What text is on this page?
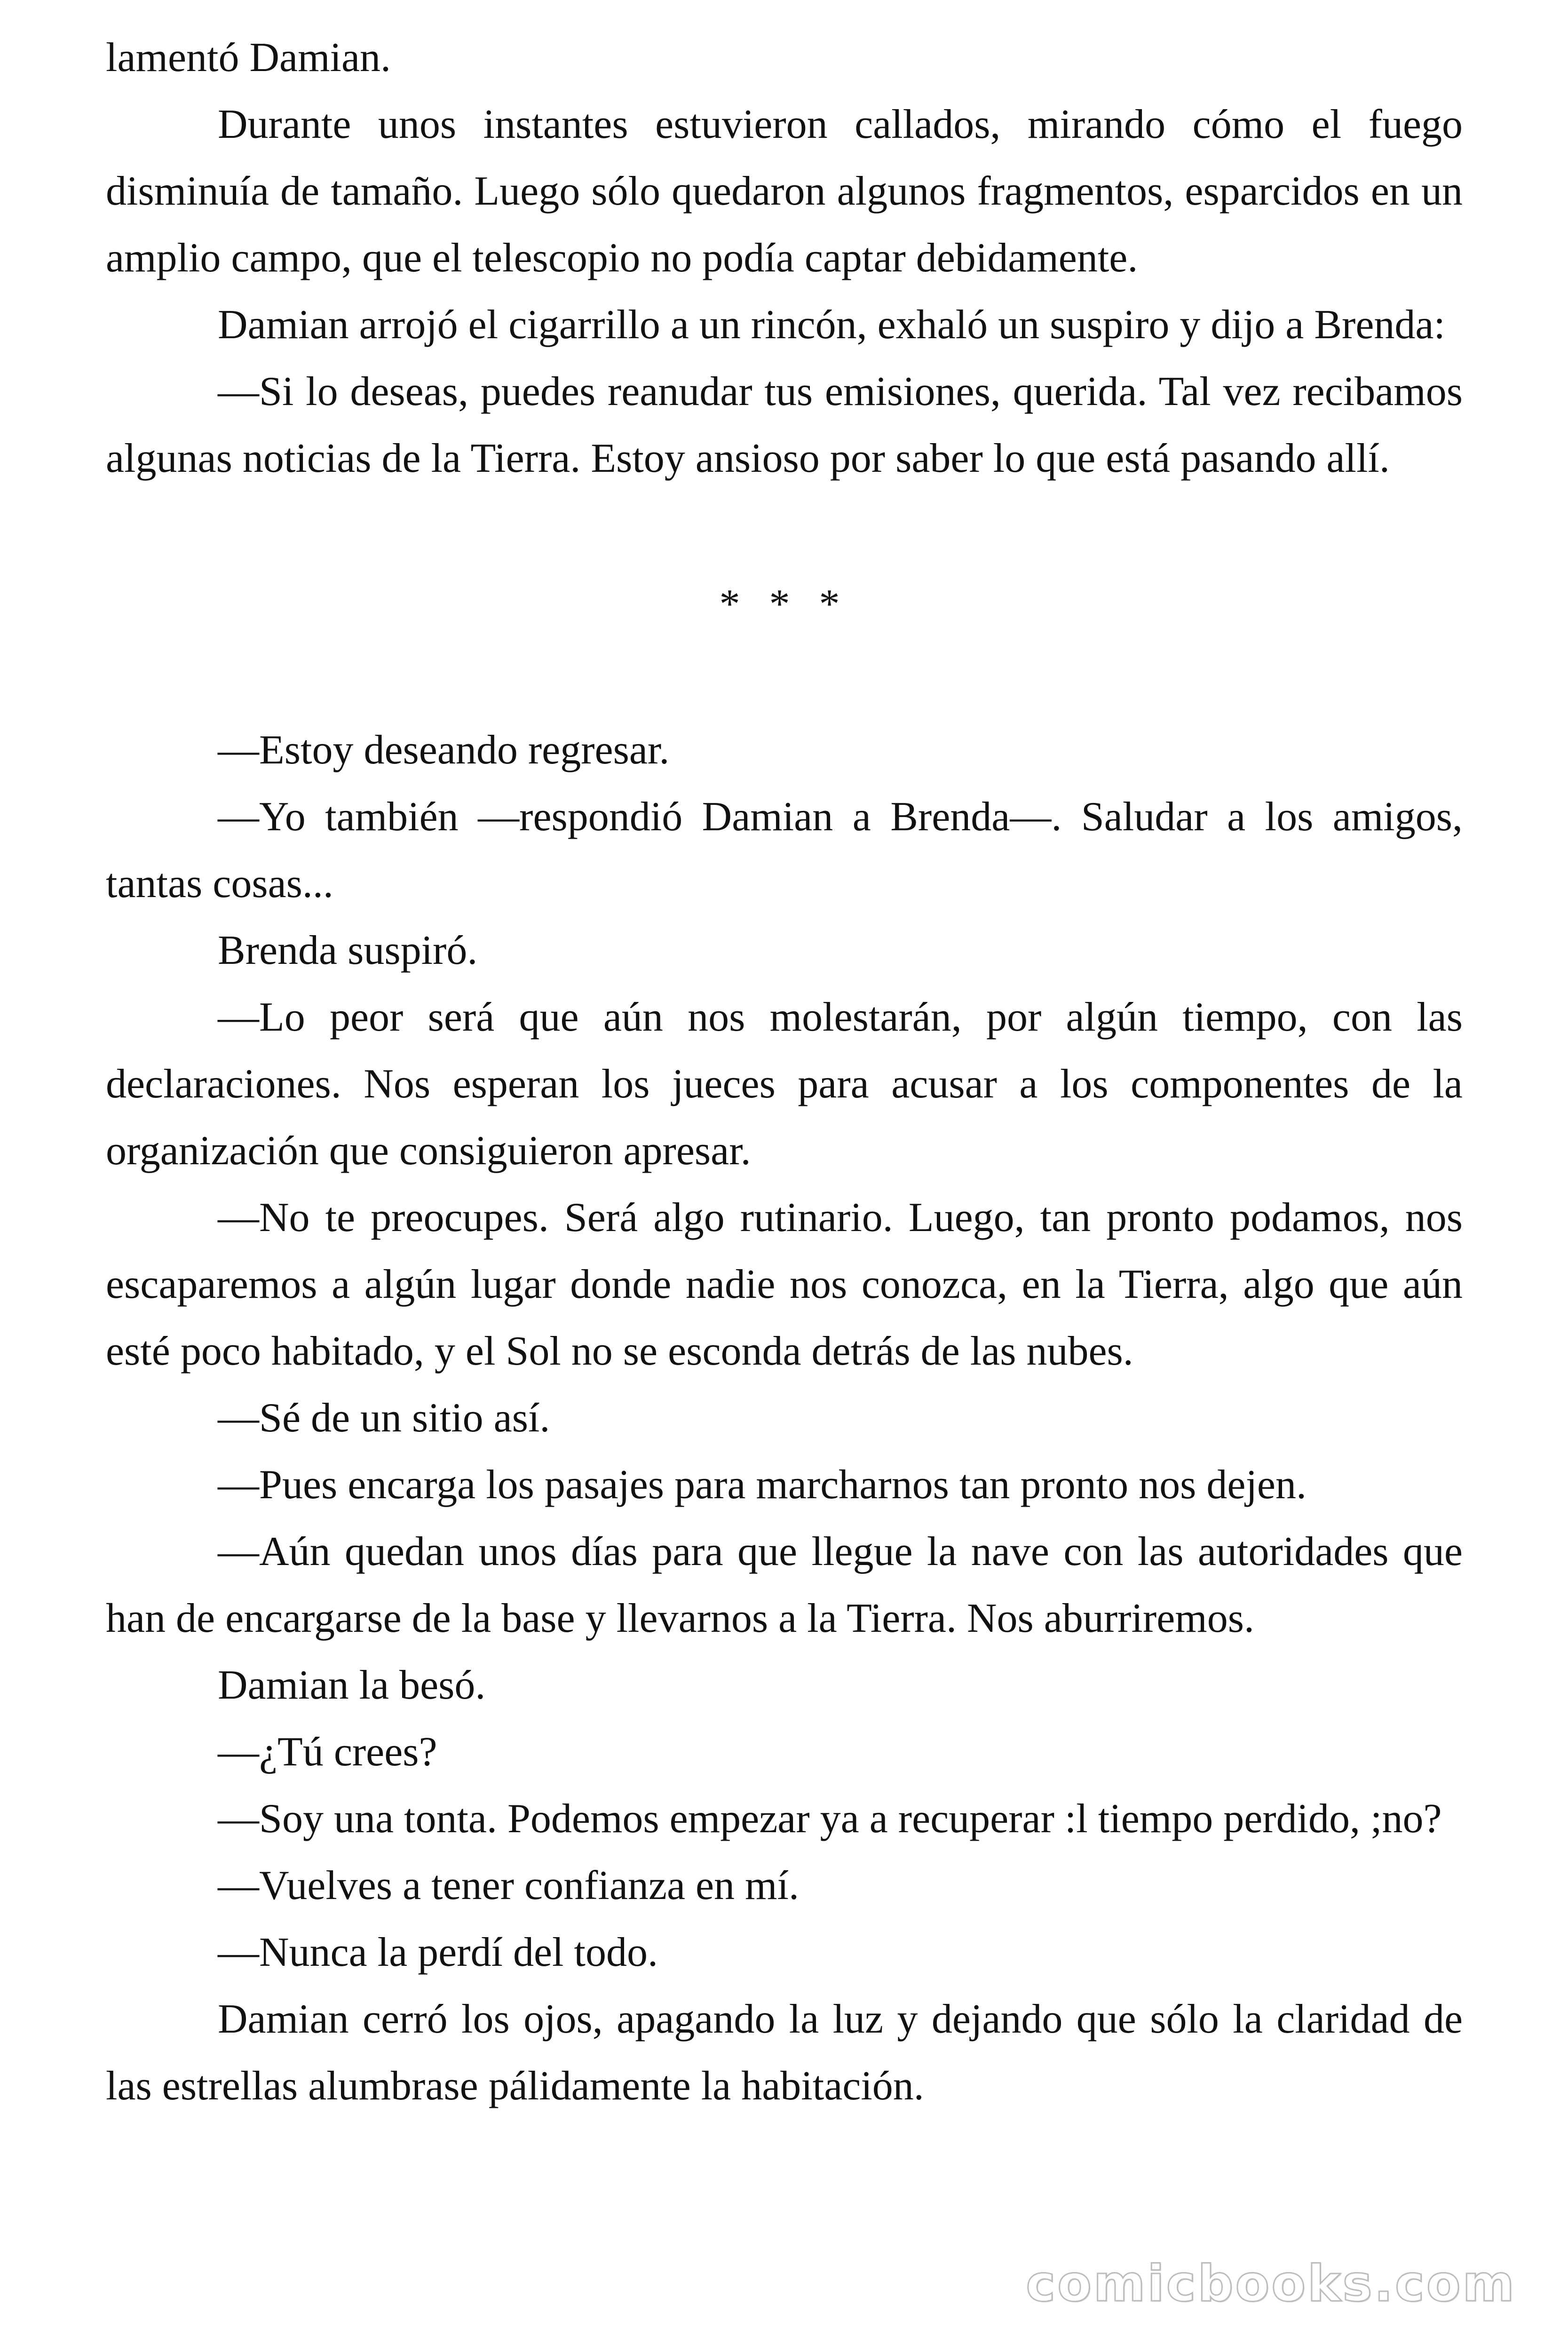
lamentó Damian.

Durante unos instantes estuvieron callados, mirando cómo el fuego disminuía de tamaño. Luego sólo quedaron algunos fragmentos, esparcidos en un amplio campo, que el telescopio no podía captar debidamente.

Damian arrojó el cigarrillo a un rincón, exhaló un suspiro y dijo a Brenda:

—Si lo deseas, puedes reanudar tus emisiones, querida. Tal vez recibamos algunas noticias de la Tierra. Estoy ansioso por saber lo que está pasando allí.

* * *

—Estoy deseando regresar.

—Yo también —respondió Damian a Brenda—. Saludar a los amigos, tantas cosas...

Brenda suspiró.

—Lo peor será que aún nos molestarán, por algún tiempo, con las declaraciones. Nos esperan los jueces para acusar a los componentes de la organización que consiguieron apresar.

—No te preocupes. Será algo rutinario. Luego, tan pronto podamos, nos escaparemos a algún lugar donde nadie nos conozca, en la Tierra, algo que aún esté poco habitado, y el Sol no se esconda detrás de las nubes.

—Sé de un sitio así.

—Pues encarga los pasajes para marcharnos tan pronto nos dejen.

—Aún quedan unos días para que llegue la nave con las autoridades que han de encargarse de la base y llevarnos a la Tierra. Nos aburriremos.

Damian la besó.

—¿Tú crees?

—Soy una tonta. Podemos empezar ya a recuperar :l tiempo perdido, ;no?

—Vuelves a tener confianza en mí.

—Nunca la perdí del todo.

Damian cerró los ojos, apagando la luz y dejando que sólo la claridad de las estrellas alumbrase pálidamente la habitación.

comicbooks.com
